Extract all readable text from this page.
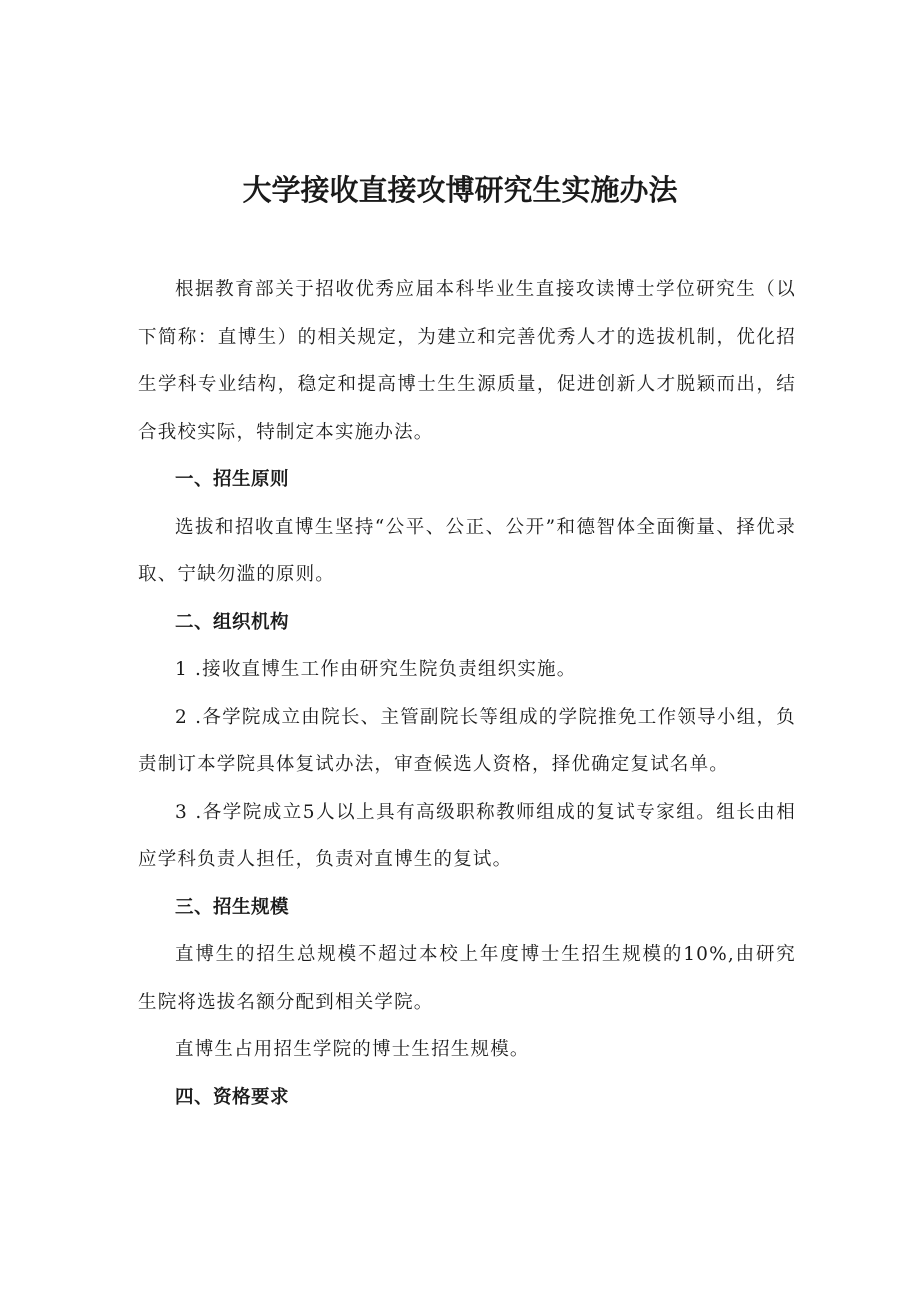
大学接收直接攻博研究生实施办法

根据教育部关于招收优秀应届本科毕业生直接攻读博士学位研究生（以下简称：直博生）的相关规定，为建立和完善优秀人才的选拔机制，优化招生学科专业结构，稳定和提高博士生生源质量，促进创新人才脱颖而出，结合我校实际，特制定本实施办法。

一、招生原则

选拔和招收直博生坚持“公平、公正、公开”和德智体全面衡量、择优录取、宁缺勿滥的原则。

二、组织机构

1 .接收直博生工作由研究生院负责组织实施。

2 .各学院成立由院长、主管副院长等组成的学院推免工作领导小组，负责制订本学院具体复试办法，审查候选人资格，择优确定复试名单。

3 .各学院成立5人以上具有高级职称教师组成的复试专家组。组长由相应学科负责人担任，负责对直博生的复试。

三、招生规模

直博生的招生总规模不超过本校上年度博士生招生规模的10%,由研究生院将选拔名额分配到相关学院。

直博生占用招生学院的博士生招生规模。

四、资格要求
